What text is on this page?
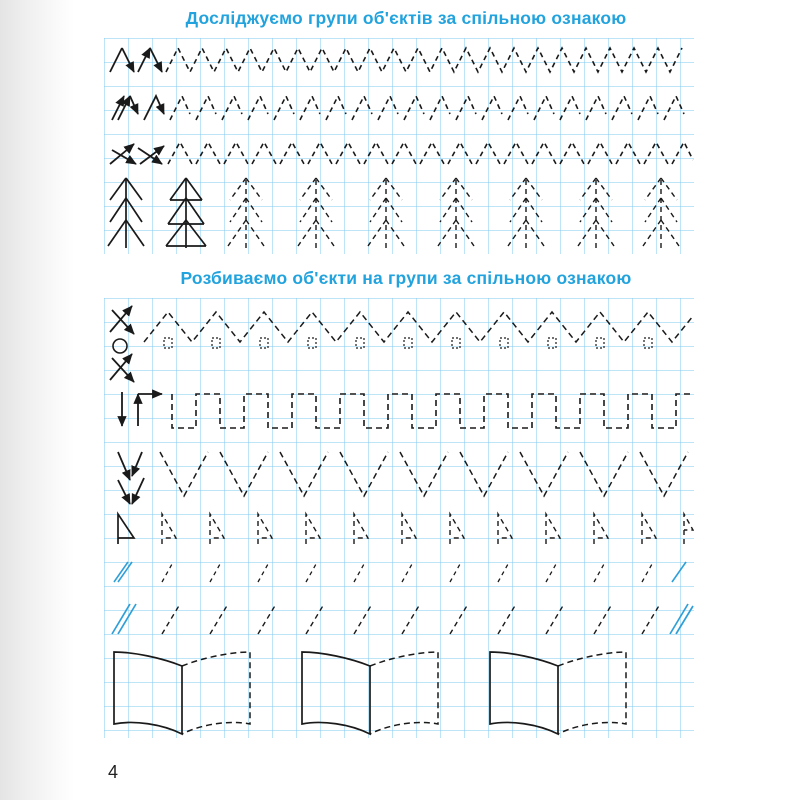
Досліджуємо групи об'єктів за спільною ознакою
Розбиваємо об'єкти на групи за спільною ознакою
4
